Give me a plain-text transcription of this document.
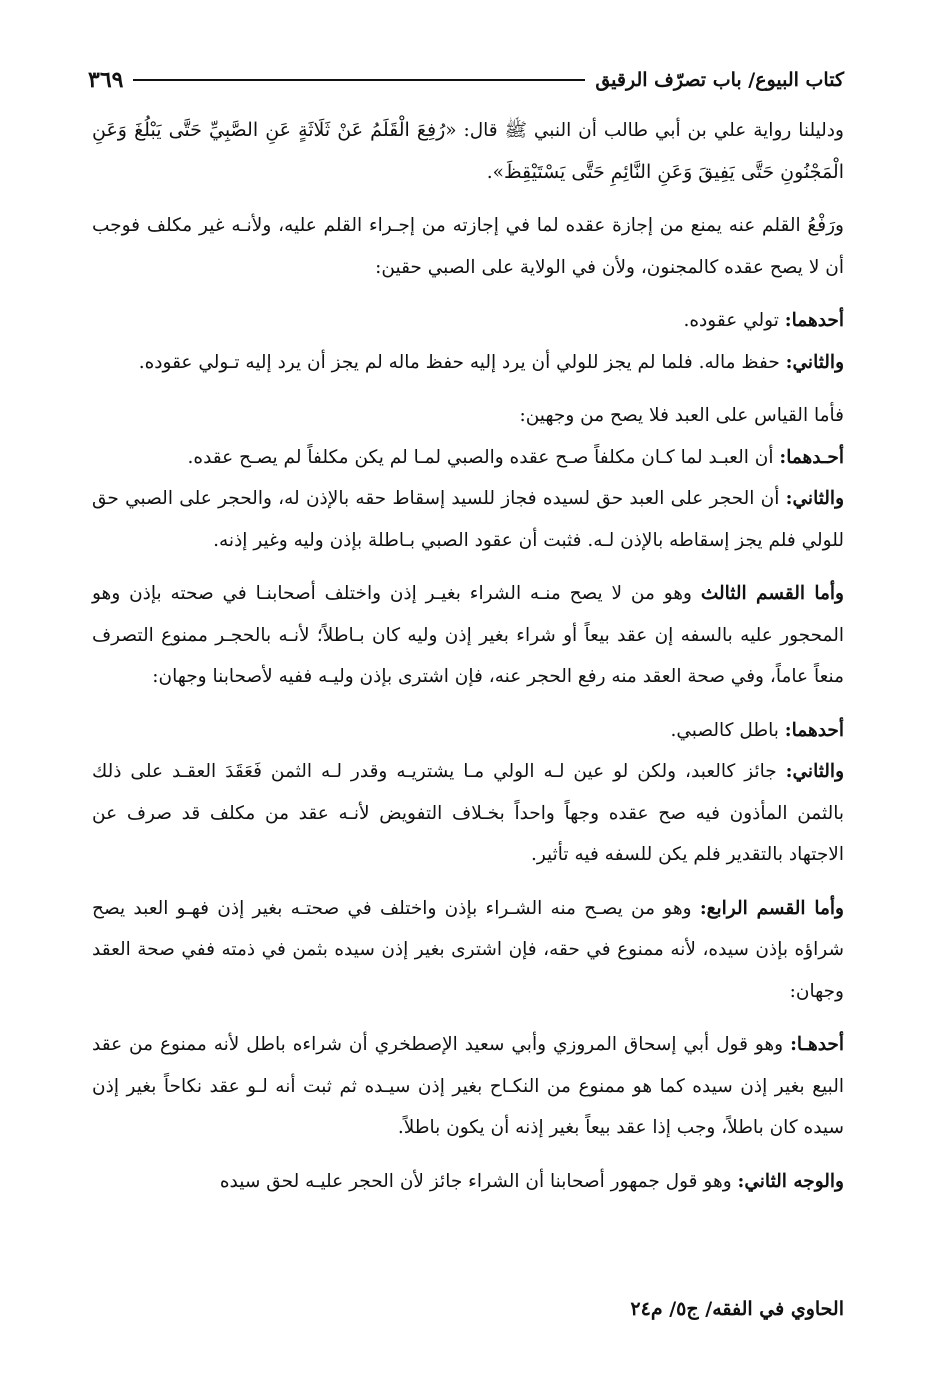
كتاب البيوع/ باب تصرّف الرقيق
٣٦٩

ودليلنا رواية علي بن أبي طالب أن النبي ﷺ قال: «رُفِعَ الْقَلَمُ عَنْ ثَلَاثَةٍ عَنِ الصَّبِيِّ حَتَّى يَبْلُغَ وَعَنِ الْمَجْنُونِ حَتَّى يَفِيقَ وَعَنِ النَّائِمِ حَتَّى يَسْتَيْقِظَ».

ورَفْعُ القلم عنه يمنع من إجازة عقده لما في إجازته من إجـراء القلم عليه، ولأنـه غير مكلف فوجب أن لا يصح عقده كالمجنون، ولأن في الولاية على الصبي حقين:

أحدهما: تولي عقوده.

والثاني: حفظ ماله. فلما لم يجز للولي أن يرد إليه حفظ ماله لم يجز أن يرد إليه تـولي عقوده.

فأما القياس على العبد فلا يصح من وجهين:

أحـدهما: أن العبـد لما كـان مكلفاً صـح عقده والصبي لمـا لم يكن مكلفاً لم يصـح عقده.

والثاني: أن الحجر على العبد حق لسيده فجاز للسيد إسقاط حقه بالإذن له، والحجر على الصبي حق للولي فلم يجز إسقاطه بالإذن لـه. فثبت أن عقود الصبي بـاطلة بإذن وليه وغير إذنه.

وأما القسم الثالث وهو من لا يصح منـه الشراء بغيـر إذن واختلف أصحابنـا في صحته بإذن وهو المحجور عليه بالسفه إن عقد بيعاً أو شراء بغير إذن وليه كان بـاطلاً؛ لأنـه بالحجـر ممنوع التصرف منعاً عاماً، وفي صحة العقد منه رفع الحجر عنه، فإن اشترى بإذن وليـه ففيه لأصحابنا وجهان:

أحدهما: باطل كالصبي.

والثاني: جائز كالعبد، ولكن لو عين لـه الولي مـا يشتريـه وقدر لـه الثمن فَعَقَدَ العقـد على ذلك بالثمن المأذون فيه صح عقده وجهاً واحداً بخـلاف التفويض لأنـه عقد من مكلف قد صرف عن الاجتهاد بالتقدير فلم يكن للسفه فيه تأثير.

وأما القسم الرابع: وهو من يصـح منه الشـراء بإذن واختلف في صحتـه بغير إذن فهـو العبد يصح شراؤه بإذن سيده، لأنه ممنوع في حقه، فإن اشترى بغير إذن سيده بثمن في ذمته ففي صحة العقد وجهان:

أحدهـا: وهو قول أبي إسحاق المروزي وأبي سعيد الإصطخري أن شراءه باطل لأنه ممنوع من عقد البيع بغير إذن سيده كما هو ممنوع من النكـاح بغير إذن سيـده ثم ثبت أنه لـو عقد نكاحاً بغير إذن سيده كان باطلاً، وجب إذا عقد بيعاً بغير إذنه أن يكون باطلاً.

والوجه الثاني: وهو قول جمهور أصحابنا أن الشراء جائز لأن الحجر عليـه لحق سيده

الحاوي في الفقه/ ج٥/ م٢٤
